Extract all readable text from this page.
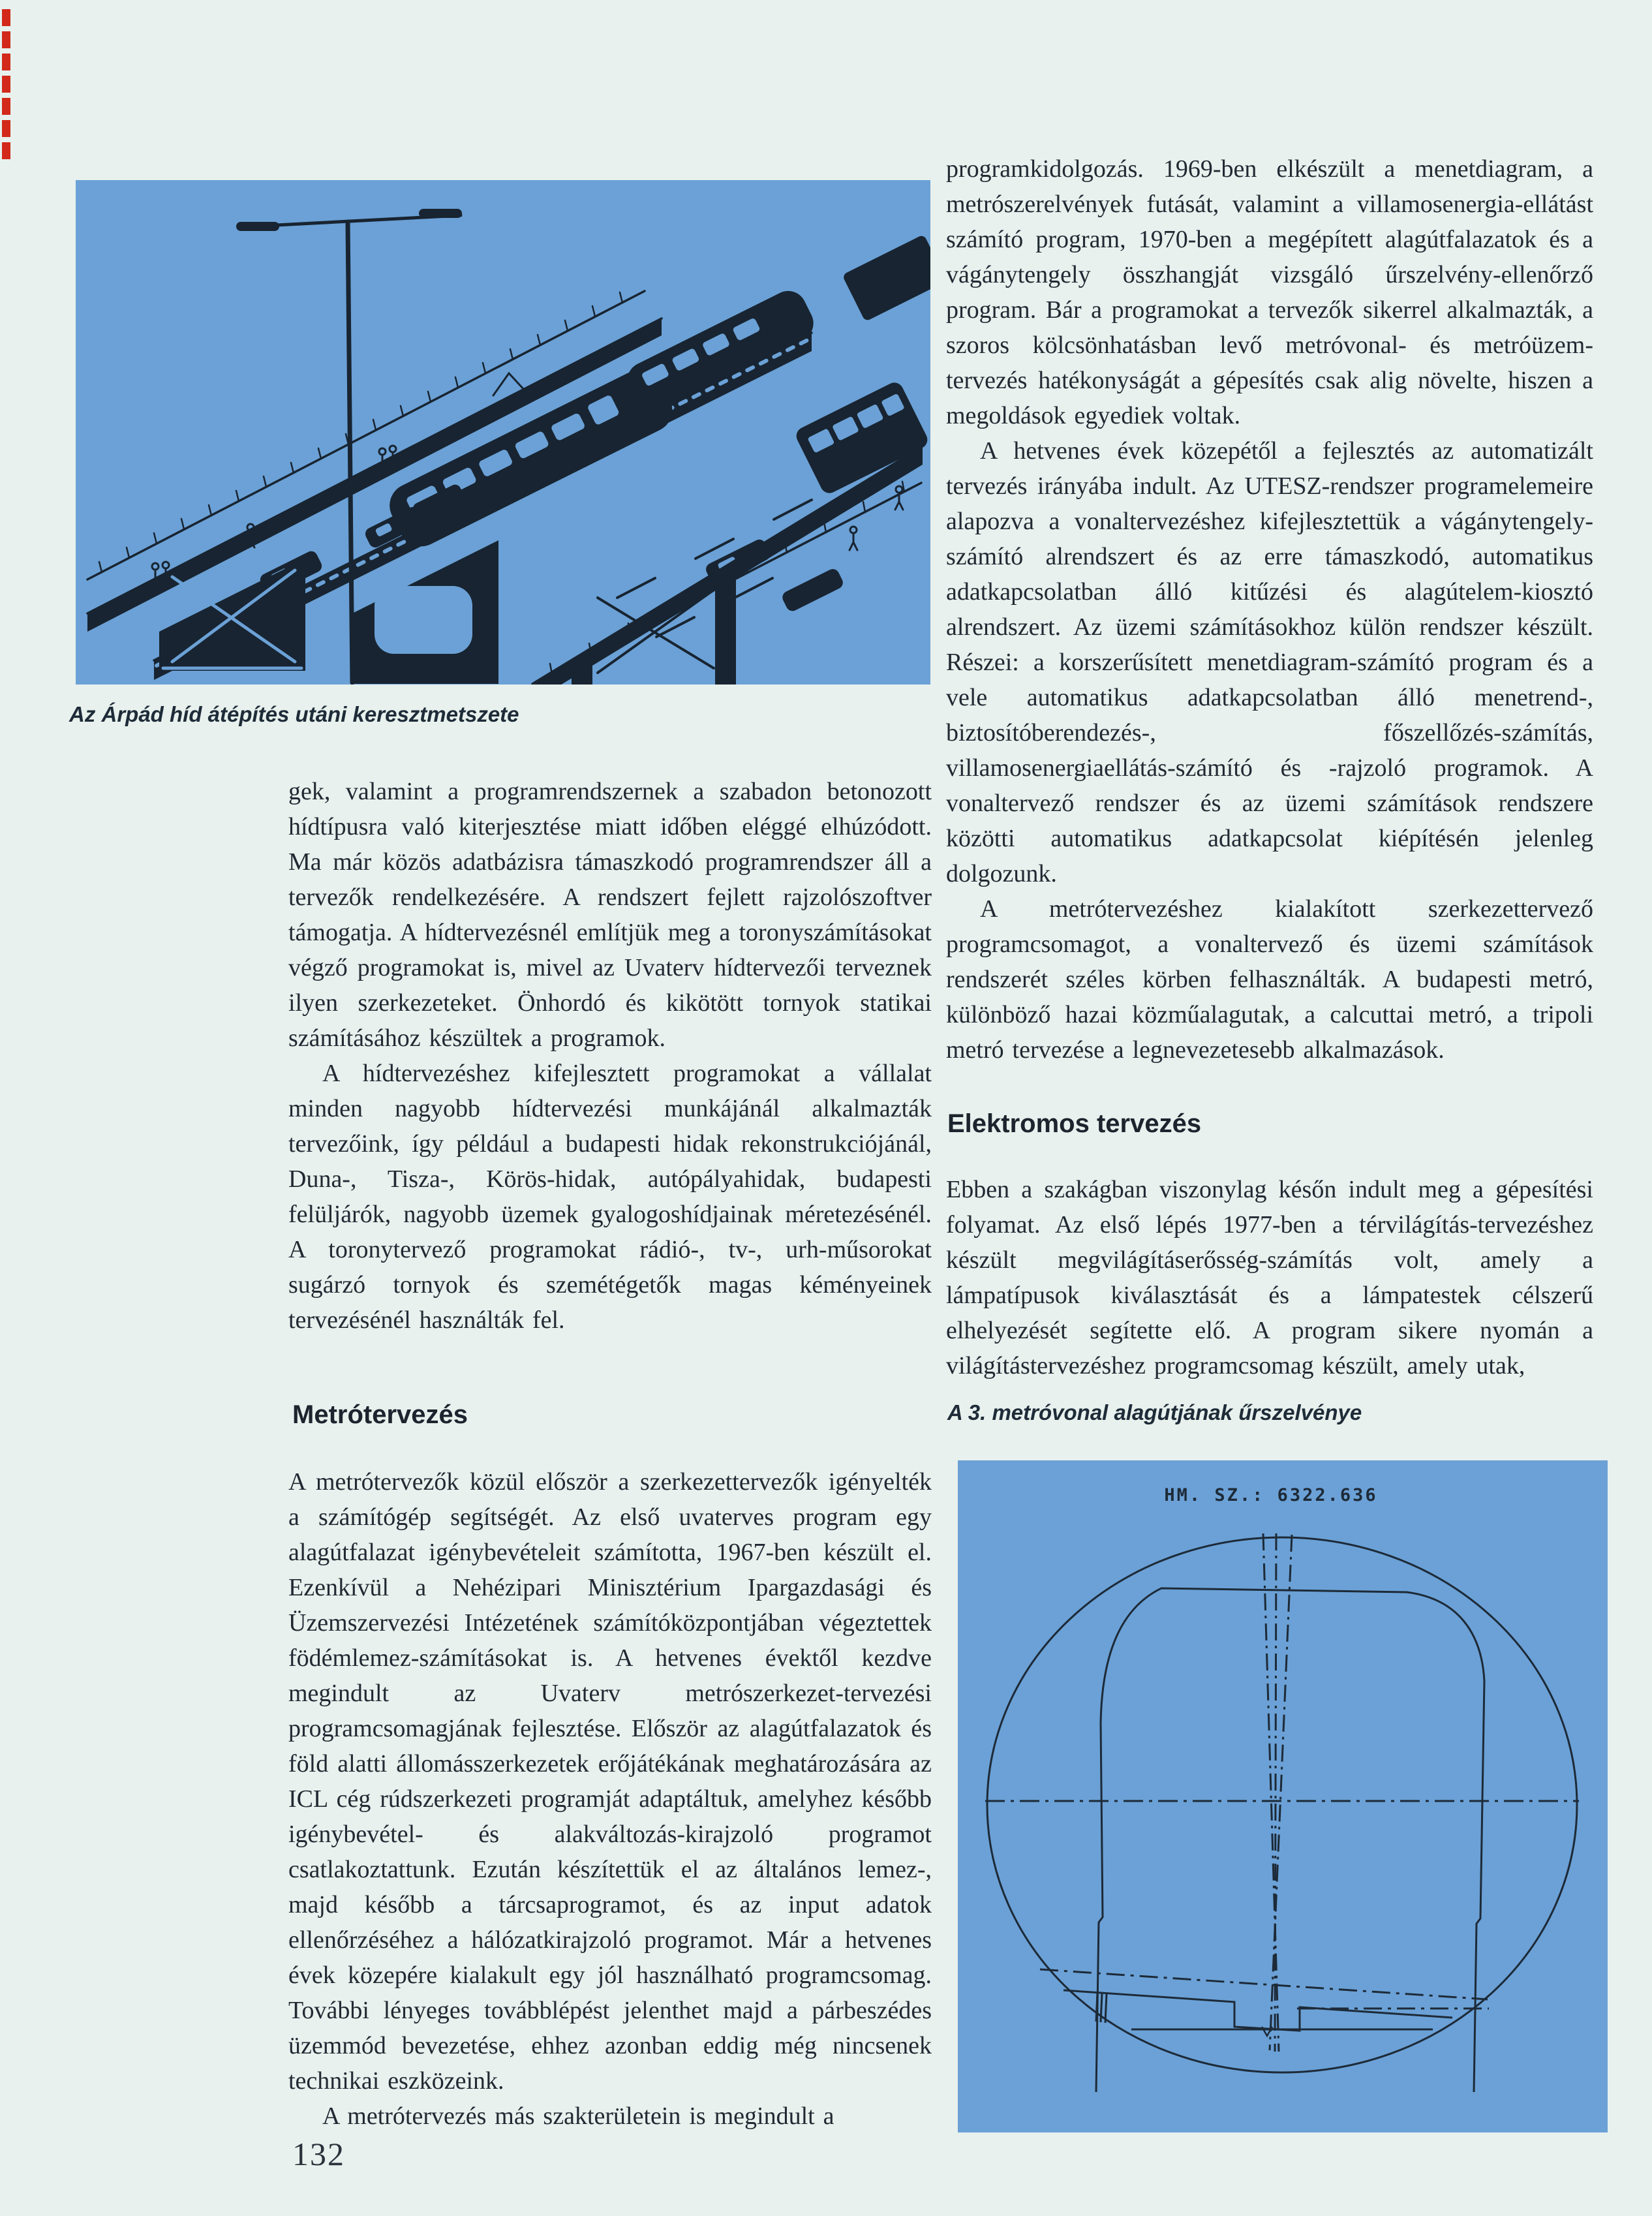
Az Árpád híd átépítés utáni keresztmetszete

gek, valamint a programrendszernek a szabadon betonozott hídtípusra való kiterjesztése miatt időben eléggé elhúzódott. Ma már közös adatbázisra támaszkodó programrendszer áll a tervezők rendelkezésére. A rendszert fejlett rajzolószoftver támogatja. A hídtervezésnél említjük meg a toronyszámításokat végző programokat is, mivel az Uvaterv hídtervezői terveznek ilyen szerkezeteket. Önhordó és kikötött tornyok statikai számításához készültek a programok.

A hídtervezéshez kifejlesztett programokat a vállalat minden nagyobb hídtervezési munkájánál alkalmazták tervezőink, így például a budapesti hidak rekonstrukciójánál, Duna-, Tisza-, Körös-hidak, autópályahidak, budapesti felüljárók, nagyobb üzemek gyalogoshídjainak méretezésénél. A toronytervező programokat rádió-, tv-, urh-műsorokat sugárzó tornyok és szemétégetők magas kéményeinek tervezésénél használták fel.

Metrótervezés

A metrótervezők közül először a szerkezettervezők igényelték a számítógép segítségét. Az első uvaterves program egy alagútfalazat igénybevételeit számította, 1967-ben készült el. Ezenkívül a Nehézipari Minisztérium Ipargazdasági és Üzemszervezési Intézetének számítóközpontjában végeztettek födémlemez-számításokat is. A hetvenes évektől kezdve megindult az Uvaterv metrószerkezet-tervezési programcsomagjának fejlesztése. Először az alagútfalazatok és föld alatti állomásszerkezetek erőjátékának meghatározására az ICL cég rúdszerkezeti programját adaptáltuk, amelyhez később igénybevétel- és alakváltozás-kirajzoló programot csatlakoztattunk. Ezután készítettük el az általános lemez-, majd később a tárcsaprogramot, és az input adatok ellenőrzéséhez a hálózatkirajzoló programot. Már a hetvenes évek közepére kialakult egy jól használható programcsomag. További lényeges továbblépést jelenthet majd a párbeszédes üzemmód bevezetése, ehhez azonban eddig még nincsenek technikai eszközeink.

A metrótervezés más szakterületein is megindult a

132

programkidolgozás. 1969-ben elkészült a menetdiagram, a metrószerelvények futását, valamint a villamosenergia-ellátást számító program, 1970-ben a megépített alagútfalazatok és a vágánytengely összhangját vizsgáló űrszelvény-ellenőrző program. Bár a programokat a tervezők sikerrel alkalmazták, a szoros kölcsönhatásban levő metróvonal- és metróüzem-tervezés hatékonyságát a gépesítés csak alig növelte, hiszen a megoldások egyediek voltak.

A hetvenes évek közepétől a fejlesztés az automatizált tervezés irányába indult. Az UTESZ-rendszer programelemeire alapozva a vonaltervezéshez kifejlesztettük a vágánytengely-számító alrendszert és az erre támaszkodó, automatikus adatkapcsolatban álló kitűzési és alagútelem-kiosztó alrendszert. Az üzemi számításokhoz külön rendszer készült. Részei: a korszerűsített menetdiagram-számító program és a vele automatikus adatkapcsolatban álló menetrend-, biztosítóberendezés-, főszellőzés-számítás, villamosenergiaellátás-számító és -rajzoló programok. A vonaltervező rendszer és az üzemi számítások rendszere közötti automatikus adatkapcsolat kiépítésén jelenleg dolgozunk.

A metrótervezéshez kialakított szerkezettervező programcsomagot, a vonaltervező és üzemi számítások rendszerét széles körben felhasználták. A budapesti metró, különböző hazai közműalagutak, a calcuttai metró, a tripoli metró tervezése a legnevezetesebb alkalmazások.

Elektromos tervezés

Ebben a szakágban viszonylag későn indult meg a gépesítési folyamat. Az első lépés 1977-ben a térvilágítás-tervezéshez készült megvilágításerősség-számítás volt, amely a lámpatípusok kiválasztását és a lámpatestek célszerű elhelyezését segítette elő. A program sikere nyomán a világítástervezéshez programcsomag készült, amely utak,

A 3. metróvonal alagútjának űrszelvénye
HM. SZ.: 6322.636
